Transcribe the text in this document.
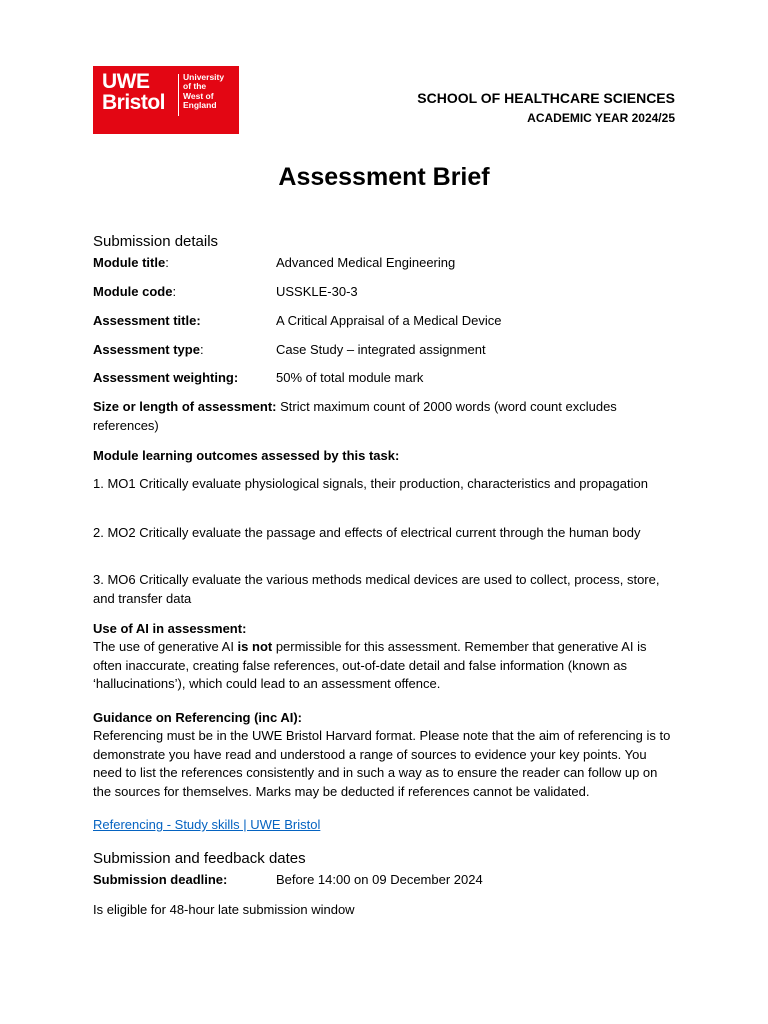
UWE
Bristol
University
of the
West of
England	SCHOOL OF HEALTHCARE SCIENCES
ACADEMIC YEAR 2024/25
Assessment Brief
Submission details
Module title:	Advanced Medical Engineering
Module code:	USSKLE-30-3
Assessment title:	A Critical Appraisal of a Medical Device
Assessment type:	Case Study – integrated assignment
Assessment weighting:	50% of total module mark
Size or length of assessment: Strict maximum count of 2000 words (word count excludes references)
Module learning outcomes assessed by this task:
1. MO1 Critically evaluate physiological signals, their production, characteristics and propagation
2. MO2 Critically evaluate the passage and effects of electrical current through the human body
3. MO6 Critically evaluate the various methods medical devices are used to collect, process, store, and transfer data
Use of AI in assessment:
The use of generative AI is not permissible for this assessment. Remember that generative AI is often inaccurate, creating false references, out-of-date detail and false information (known as ‘hallucinations’), which could lead to an assessment offence.
Guidance on Referencing (inc AI):
Referencing must be in the UWE Bristol Harvard format. Please note that the aim of referencing is to demonstrate you have read and understood a range of sources to evidence your key points. You need to list the references consistently and in such a way as to ensure the reader can follow up on the sources for themselves. Marks may be deducted if references cannot be validated.
Referencing - Study skills | UWE Bristol
Submission and feedback dates
Submission deadline:	Before 14:00 on 09 December 2024
Is eligible for 48-hour late submission window
